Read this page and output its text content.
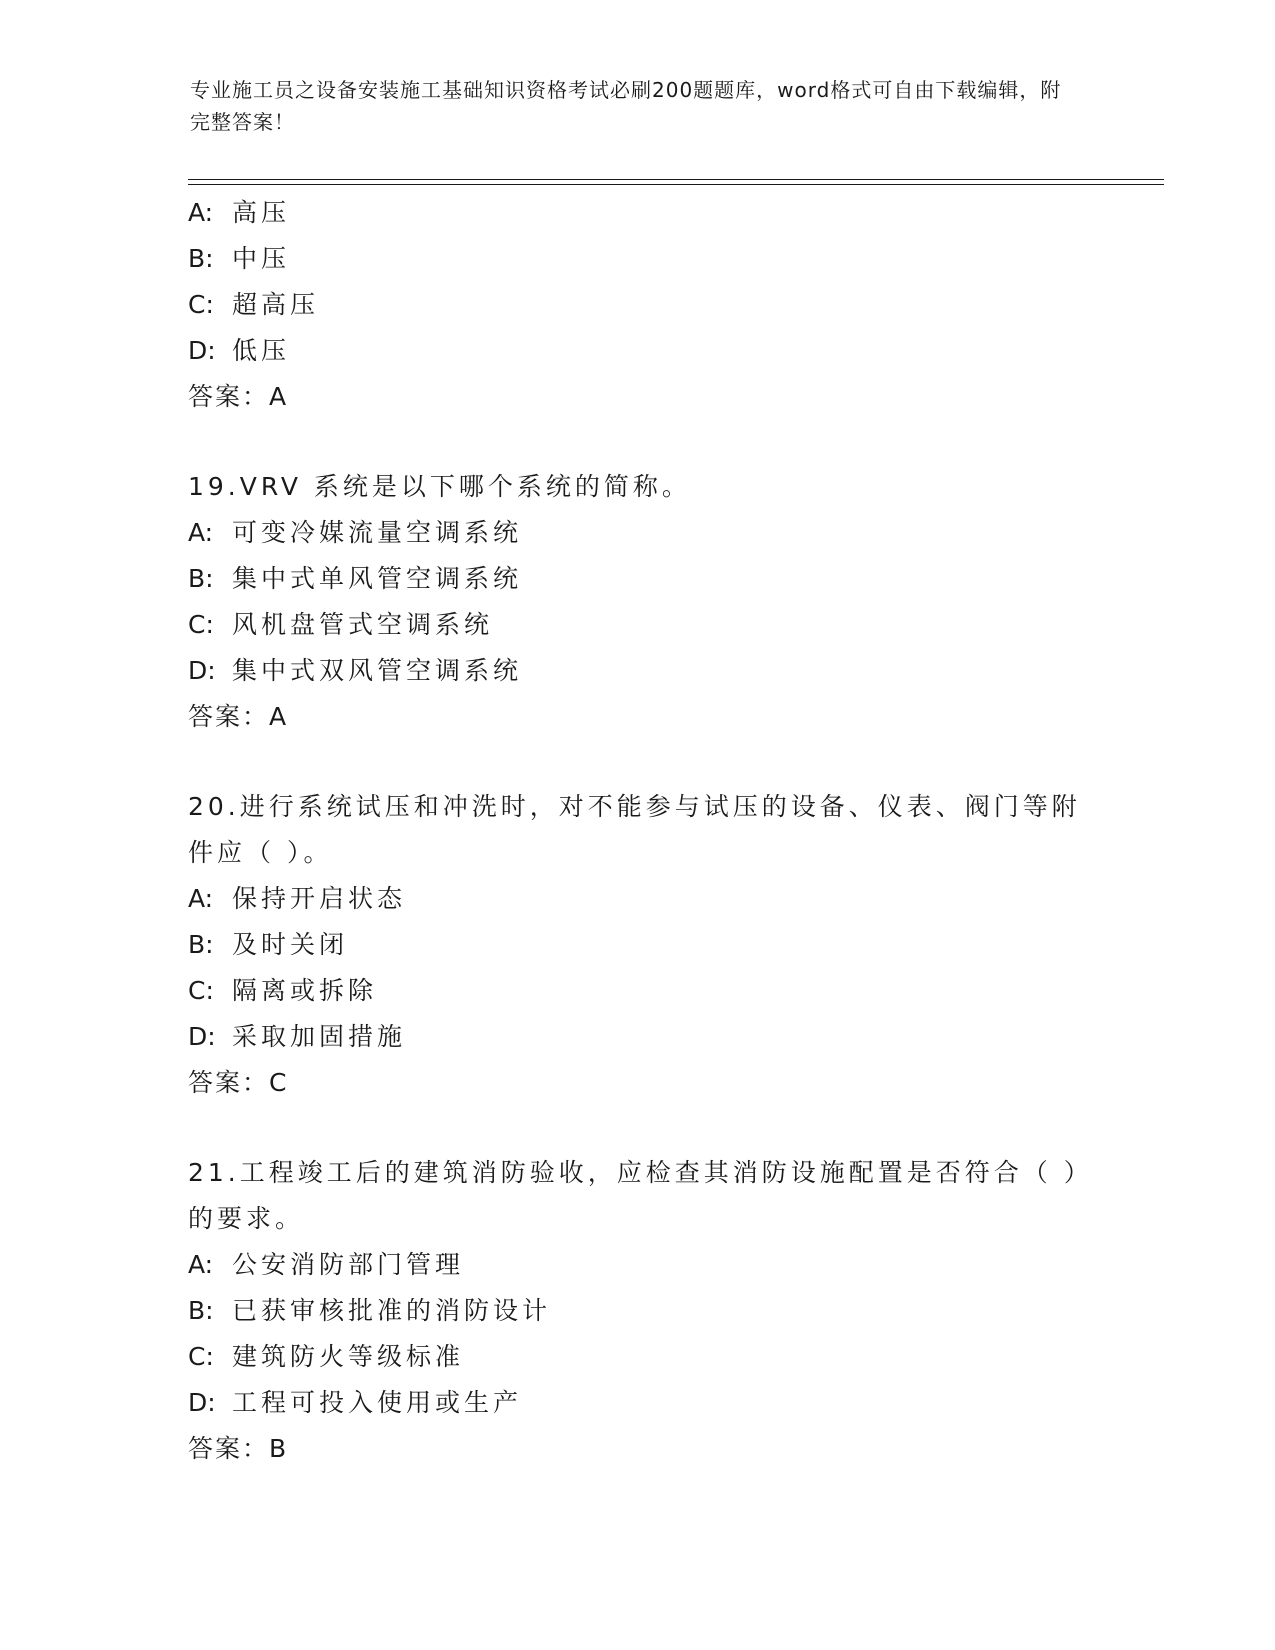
专业施工员之设备安装施工基础知识资格考试必刷200题题库，word格式可自由下载编辑，附完整答案！
A: 高压
B: 中压
C: 超高压
D: 低压
答案：A
19.VRV 系统是以下哪个系统的简称。
A: 可变冷媒流量空调系统
B: 集中式单风管空调系统
C: 风机盘管式空调系统
D: 集中式双风管空调系统
答案：A
20.进行系统试压和冲洗时，对不能参与试压的设备、仪表、阀门等附件应（ ）。
A: 保持开启状态
B: 及时关闭
C: 隔离或拆除
D: 采取加固措施
答案：C
21.工程竣工后的建筑消防验收，应检查其消防设施配置是否符合（ ）的要求。
A: 公安消防部门管理
B: 已获审核批准的消防设计
C: 建筑防火等级标准
D: 工程可投入使用或生产
答案：B
